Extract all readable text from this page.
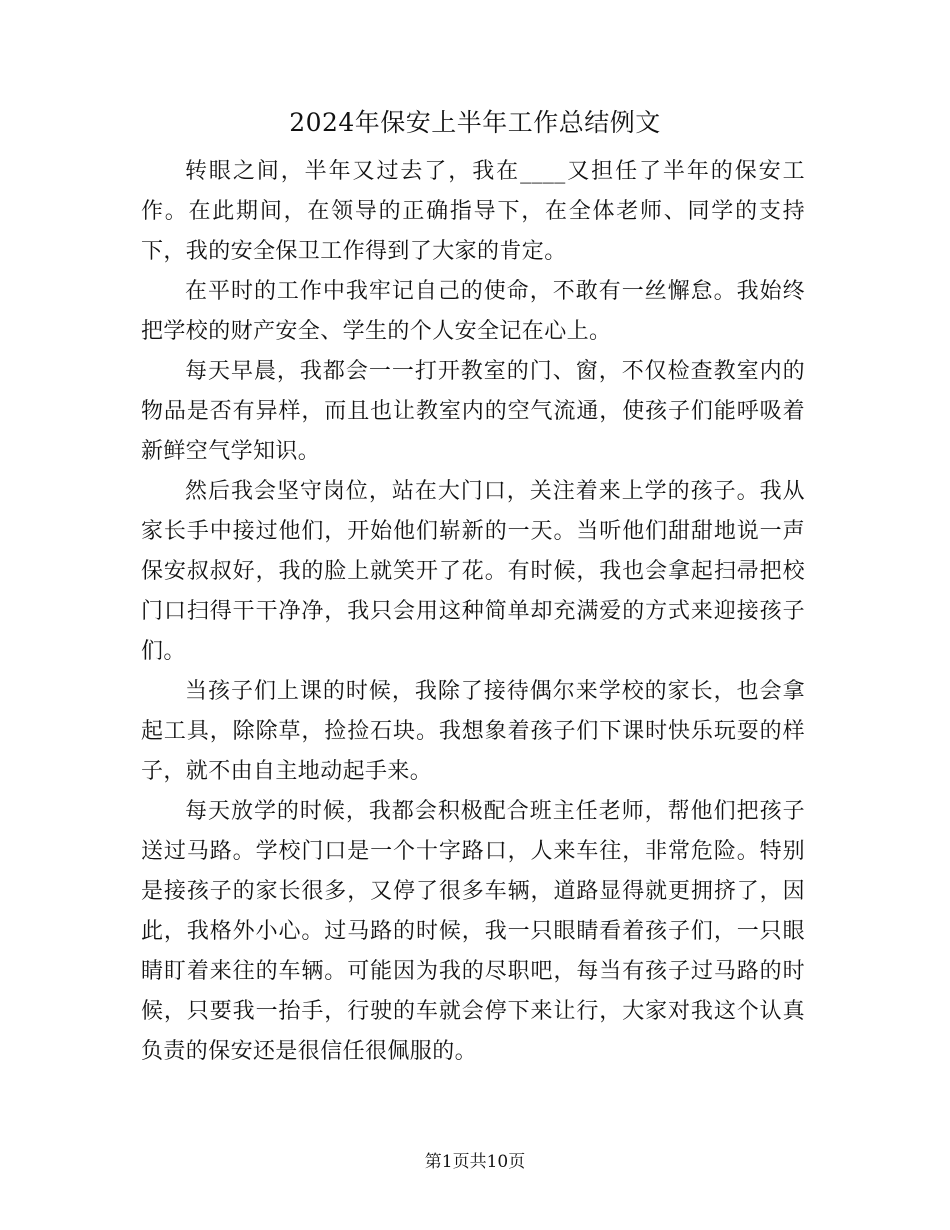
2024年保安上半年工作总结例文

转眼之间，半年又过去了，我在____又担任了半年的保安工作。在此期间，在领导的正确指导下，在全体老师、同学的支持下，我的安全保卫工作得到了大家的肯定。

在平时的工作中我牢记自己的使命，不敢有一丝懈怠。我始终把学校的财产安全、学生的个人安全记在心上。

每天早晨，我都会一一打开教室的门、窗，不仅检查教室内的物品是否有异样，而且也让教室内的空气流通，使孩子们能呼吸着新鲜空气学知识。

然后我会坚守岗位，站在大门口，关注着来上学的孩子。我从家长手中接过他们，开始他们崭新的一天。当听他们甜甜地说一声保安叔叔好，我的脸上就笑开了花。有时候，我也会拿起扫帚把校门口扫得干干净净，我只会用这种简单却充满爱的方式来迎接孩子们。

当孩子们上课的时候，我除了接待偶尔来学校的家长，也会拿起工具，除除草，捡捡石块。我想象着孩子们下课时快乐玩耍的样子，就不由自主地动起手来。

每天放学的时候，我都会积极配合班主任老师，帮他们把孩子送过马路。学校门口是一个十字路口，人来车往，非常危险。特别是接孩子的家长很多，又停了很多车辆，道路显得就更拥挤了，因此，我格外小心。过马路的时候，我一只眼睛看着孩子们，一只眼睛盯着来往的车辆。可能因为我的尽职吧，每当有孩子过马路的时候，只要我一抬手，行驶的车就会停下来让行，大家对我这个认真负责的保安还是很信任很佩服的。

第1页共10页
